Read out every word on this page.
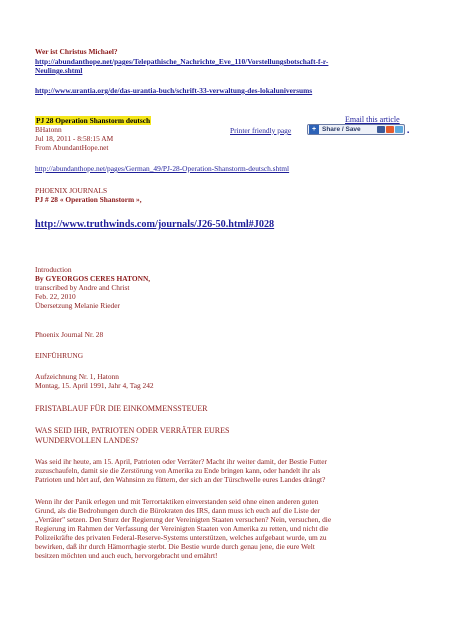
Wer ist Christus Michael?
http://abundanthope.net/pages/Telepathische_Nachrichte_Eve_110/Vorstellungsbotschaft-f-r-
Neulinge.shtml
http://www.urantia.org/de/das-urantia-buch/schrift-33-verwaltung-des-lokaluniversums
PJ 28 Operation Shanstorm deutsch	Email this article
Printer friendly page	+ Share / Save	▪
BHatonn
Jul 18, 2011 - 8:58:15 AM
From AbundantHope.net
http://abundanthope.net/pages/German_49/PJ-28-Operation-Shanstorm-deutsch.shtml
PHOENIX JOURNALS
PJ # 28 « Operation Shanstorm »,
http://www.truthwinds.com/journals/J26-50.html#J028
Introduction
By GYEORGOS CERES HATONN,
transcribed by Andre and Christ
Feb. 22, 2010
Übersetzung Melanie Rieder
Phoenix Journal Nr. 28
EINFÜHRUNG
Aufzeichnung Nr. 1, Hatonn
Montag, 15. April 1991, Jahr 4, Tag 242
FRISTABLAUF FÜR DIE EINKOMMENSSTEUER
WAS SEID IHR, PATRIOTEN ODER VERRÄTER EURES
WUNDERVOLLEN LANDES?
Was seid ihr heute, am 15. April, Patrioten oder Verräter? Macht ihr weiter damit, der Bestie Futter
zuzuschaufeln, damit sie die Zerstörung von Amerika zu Ende bringen kann, oder handelt ihr als
Patrioten und hört auf, den Wahnsinn zu füttern, der sich an der Türschwelle eures Landes drängt?
Wenn ihr der Panik erlegen und mit Terrortaktiken einverstanden seid ohne einen anderen guten
Grund, als die Bedrohungen durch die Bürokraten des IRS, dann muss ich euch auf die Liste der
„Verräter" setzen. Den Sturz der Regierung der Vereinigten Staaten versuchen? Nein, versuchen, die
Regierung im Rahmen der Verfassung der Vereinigten Staaten von Amerika zu retten, und nicht die
Polizeikräfte des privaten Federal-Reserve-Systems unterstützen, welches aufgebaut wurde, um zu
bewirken, daß ihr durch Hämorrhagie sterbt. Die Bestie wurde durch genau jene, die eure Welt
besitzen möchten und auch euch, hervorgebracht und ernährt!
